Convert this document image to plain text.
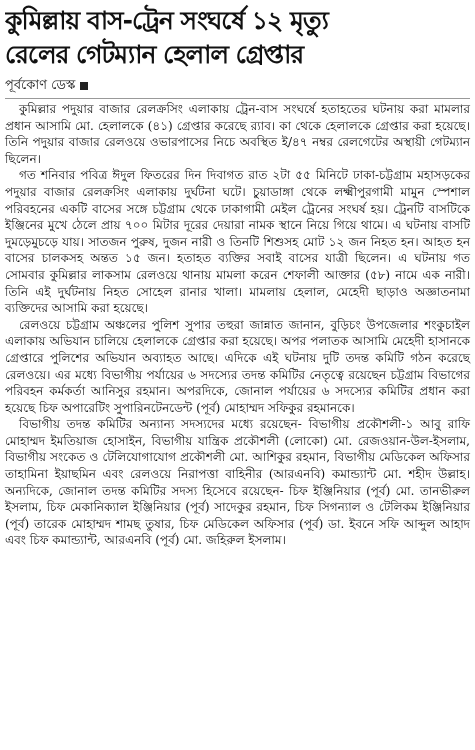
কুমিল্লায় বাস-ট্রেন সংঘর্ষে ১২ মৃত্যু
রেলের গেটম্যান হেলাল গ্রেপ্তার
পূর্বকোণ ডেস্ক

কুমিল্লার পদুয়ার বাজার রেলক্রসিং এলাকায় ট্রেন-বাস সংঘর্ষে হতাহতের ঘটনায় করা মামলার প্রধান আসামি মো. হেলালকে (৪১) গ্রেপ্তার করেছে র‍্যাব। কা থেকে হেলালকে গ্রেপ্তার করা হয়েছে। তিনি পদুয়ার বাজার রেলওয়ে ওভারপাসের নিচে অবস্থিত ই/৪৭ নম্বর রেলগেটের অস্থায়ী গেটম্যান ছিলেন।

গত শনিবার পবিত্র ঈদুল ফিতরের দিন দিবাগত রাত ২টা ৫৫ মিনিটে ঢাকা-চট্টগ্রাম মহাসড়কের পদুয়ার বাজার রেলক্রসিং এলাকায় দুর্ঘটনা ঘটে। চুয়াডাঙ্গা থেকে লক্ষ্মীপুরগামী মামুন স্পেশাল পরিবহনের একটি বাসের সঙ্গে চট্টগ্রাম থেকে ঢাকাগামী মেইল ট্রেনের সংঘর্ষ হয়। ট্রেনটি বাসটিকে ইঞ্জিনের মুখে ঠেলে প্রায় ৭০০ মিটার দূরের দেয়ারা নামক স্থানে নিয়ে গিয়ে থামে। এ ঘটনায় বাসটি দুমড়েমুচড়ে যায়। সাতজন পুরুষ, দুজন নারী ও তিনটি শিশুসহ মোট ১২ জন নিহত হন। আহত হন বাসের চালকসহ অন্তত ১৫ জন। হতাহত ব্যক্তির সবাই বাসের যাত্রী ছিলেন। এ ঘটনায় গত সোমবার কুমিল্লার লাকসাম রেলওয়ে থানায় মামলা করেন শেফালী আক্তার (৫৮) নামে এক নারী। তিনি এই দুর্ঘটনায় নিহত সোহেল রানার খালা। মামলায় হেলাল, মেহেদী ছাড়াও অজ্ঞাতনামা ব্যক্তিদের আসামি করা হয়েছে।

রেলওয়ে চট্টগ্রাম অঞ্চলের পুলিশ সুপার তহুরা জান্নাত জানান, বুড়িচং উপজেলার শংকুচাইল এলাকায় অভিযান চালিয়ে হেলালকে গ্রেপ্তার করা হয়েছে। অপর পলাতক আসামি মেহেদী হাসানকে গ্রেপ্তারে পুলিশের অভিযান অব্যাহত আছে। এদিকে এই ঘটনায় দুটি তদন্ত কমিটি গঠন করেছে রেলওয়ে। এর মধ্যে বিভাগীয় পর্যায়ের ৬ সদস্যের তদন্ত কমিটির নেতৃত্বে রয়েছেন চট্টগ্রাম বিভাগের পরিবহন কর্মকর্তা আনিসুর রহমান। অপরদিকে, জোনাল পর্যায়ের ৬ সদস্যের কমিটির প্রধান করা হয়েছে চিফ অপারেটিং সুপারিনটেনডেন্ট (পূর্ব) মোহাম্মদ সফিকুর রহমানকে।

বিভাগীয় তদন্ত কমিটির অন্যান্য সদস্যদের মধ্যে রয়েছেন- বিভাগীয় প্রকৌশলী-১ আবু রাফি মোহাম্মদ ইমতিয়াজ হোসাইন, বিভাগীয় যান্ত্রিক প্রকৌশলী (লোকো) মো. রেজওয়ান-উল-ইসলাম, বিভাগীয় সংকেত ও টেলিযোগাযোগ প্রকৌশলী মো. আশিকুর রহমান, বিভাগীয় মেডিকেল অফিসার তাহামিনা ইয়াছমিন এবং রেলওয়ে নিরাপত্তা বাহিনীর (আরএনবি) কমান্ড্যান্ট মো. শহীদ উল্লাহ। অন্যদিকে, জোনাল তদন্ত কমিটির সদস্য হিসেবে রয়েছেন- চিফ ইঞ্জিনিয়ার (পূর্ব) মো. তানভীরুল ইসলাম, চিফ মেকানিক্যাল ইঞ্জিনিয়ার (পূর্ব) সাদেকুর রহমান, চিফ সিগন্যাল ও টেলিকম ইঞ্জিনিয়ার (পূর্ব) তারেক মোহাম্মদ শামছ তুষার, চিফ মেডিকেল অফিসার (পূর্ব) ডা. ইবনে সফি আব্দুল আহাদ এবং চিফ কমান্ড্যান্ট, আরএনবি (পূর্ব) মো. জহিরুল ইসলাম।
